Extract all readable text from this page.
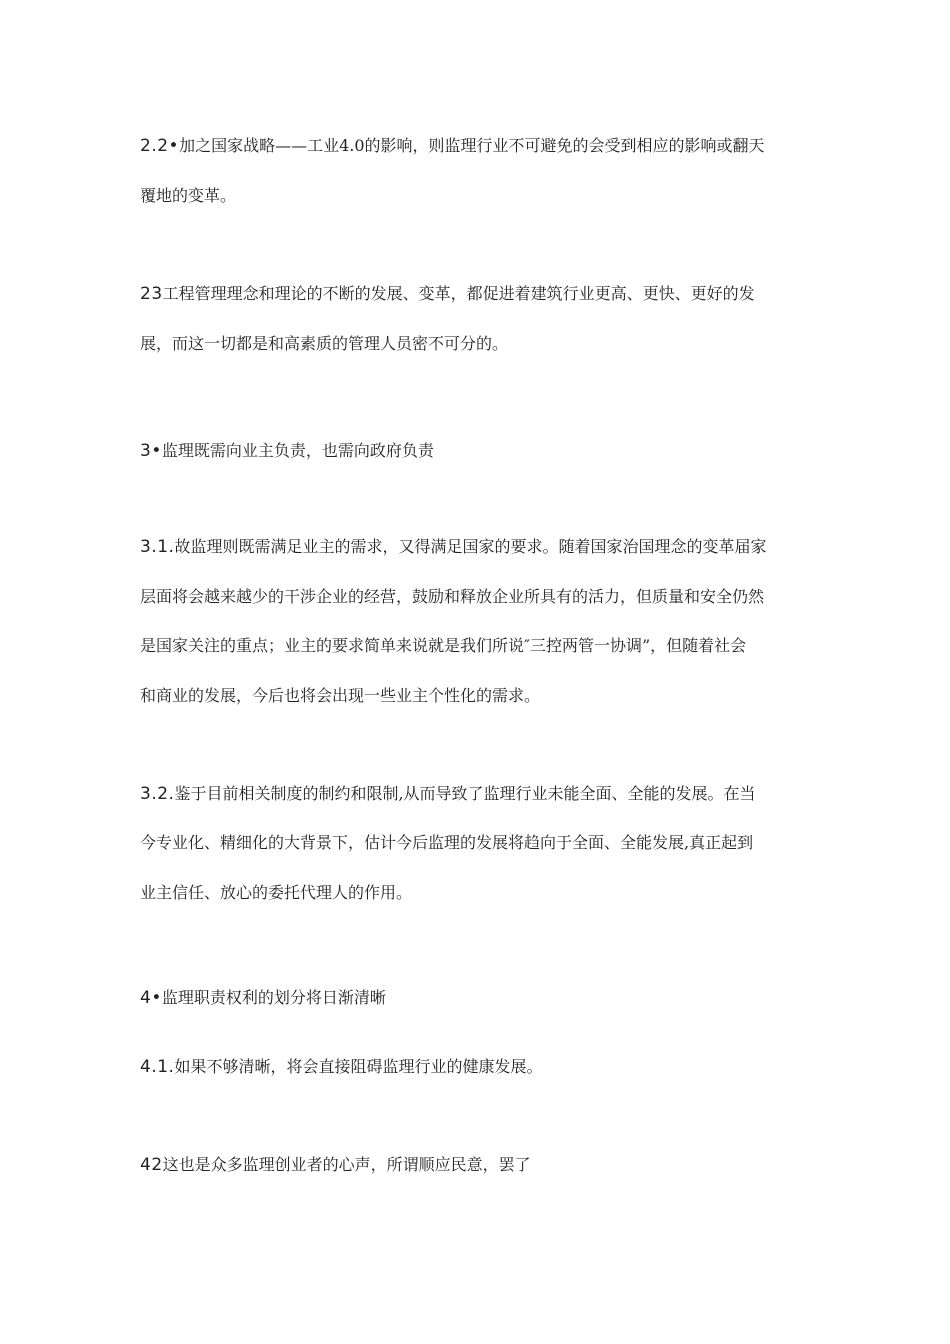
2.2•加之国家战略——工业4.0的影响，则监理行业不可避免的会受到相应的影响或翻天
覆地的变革。
23工程管理理念和理论的不断的发展、变革，都促进着建筑行业更高、更快、更好的发
展，而这一切都是和高素质的管理人员密不可分的。
3•监理既需向业主负责，也需向政府负责
3.1.故监理则既需满足业主的需求，又得满足国家的要求。随着国家治国理念的变革届家
层面将会越来越少的干涉企业的经营，鼓励和释放企业所具有的活力，但质量和安全仍然
是国家关注的重点；业主的要求简单来说就是我们所说″三控两管一协调”，但随着社会
和商业的发展，今后也将会出现一些业主个性化的需求。
3.2.鉴于目前相关制度的制约和限制,从而导致了监理行业未能全面、全能的发展。在当
今专业化、精细化的大背景下，估计今后监理的发展将趋向于全面、全能发展,真正起到
业主信任、放心的委托代理人的作用。
4•监理职责权利的划分将日渐清晰
4.1.如果不够清晰，将会直接阻碍监理行业的健康发展。
42这也是众多监理创业者的心声，所谓顺应民意，罢了
